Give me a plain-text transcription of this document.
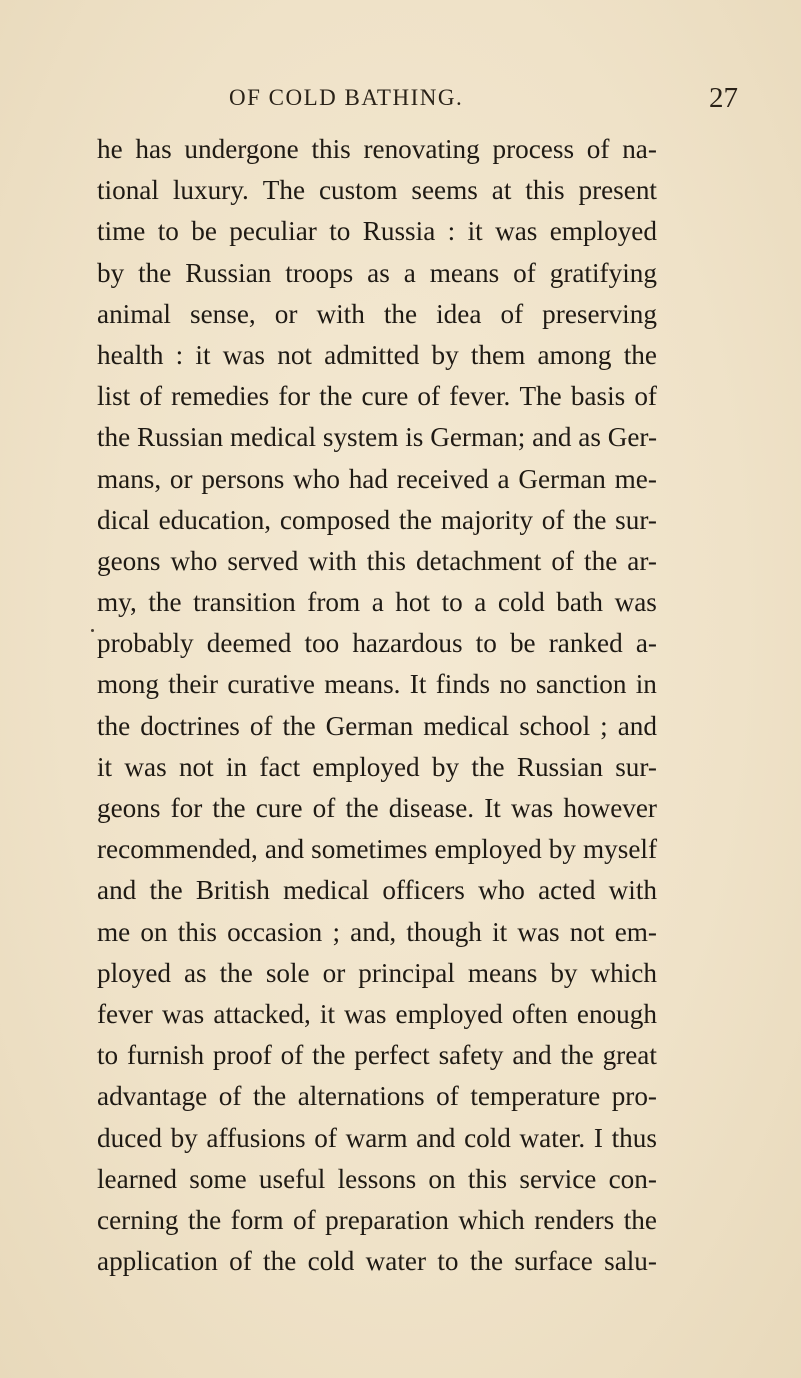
OF COLD BATHING.	27
he has undergone this renovating process of na-
tional luxury. The custom seems at this present
time to be peculiar to Russia : it was employed
by the Russian troops as a means of gratifying
animal sense, or with the idea of preserving
health : it was not admitted by them among the
list of remedies for the cure of fever. The basis of
the Russian medical system is German; and as Ger-
mans, or persons who had received a German me-
dical education, composed the majority of the sur-
geons who served with this detachment of the ar-
my, the transition from a hot to a cold bath was
probably deemed too hazardous to be ranked a-
mong their curative means. It finds no sanction in
the doctrines of the German medical school ; and
it was not in fact employed by the Russian sur-
geons for the cure of the disease. It was however
recommended, and sometimes employed by myself
and the British medical officers who acted with
me on this occasion ; and, though it was not em-
ployed as the sole or principal means by which
fever was attacked, it was employed often enough
to furnish proof of the perfect safety and the great
advantage of the alternations of temperature pro-
duced by affusions of warm and cold water. I thus
learned some useful lessons on this service con-
cerning the form of preparation which renders the
application of the cold water to the surface salu-
